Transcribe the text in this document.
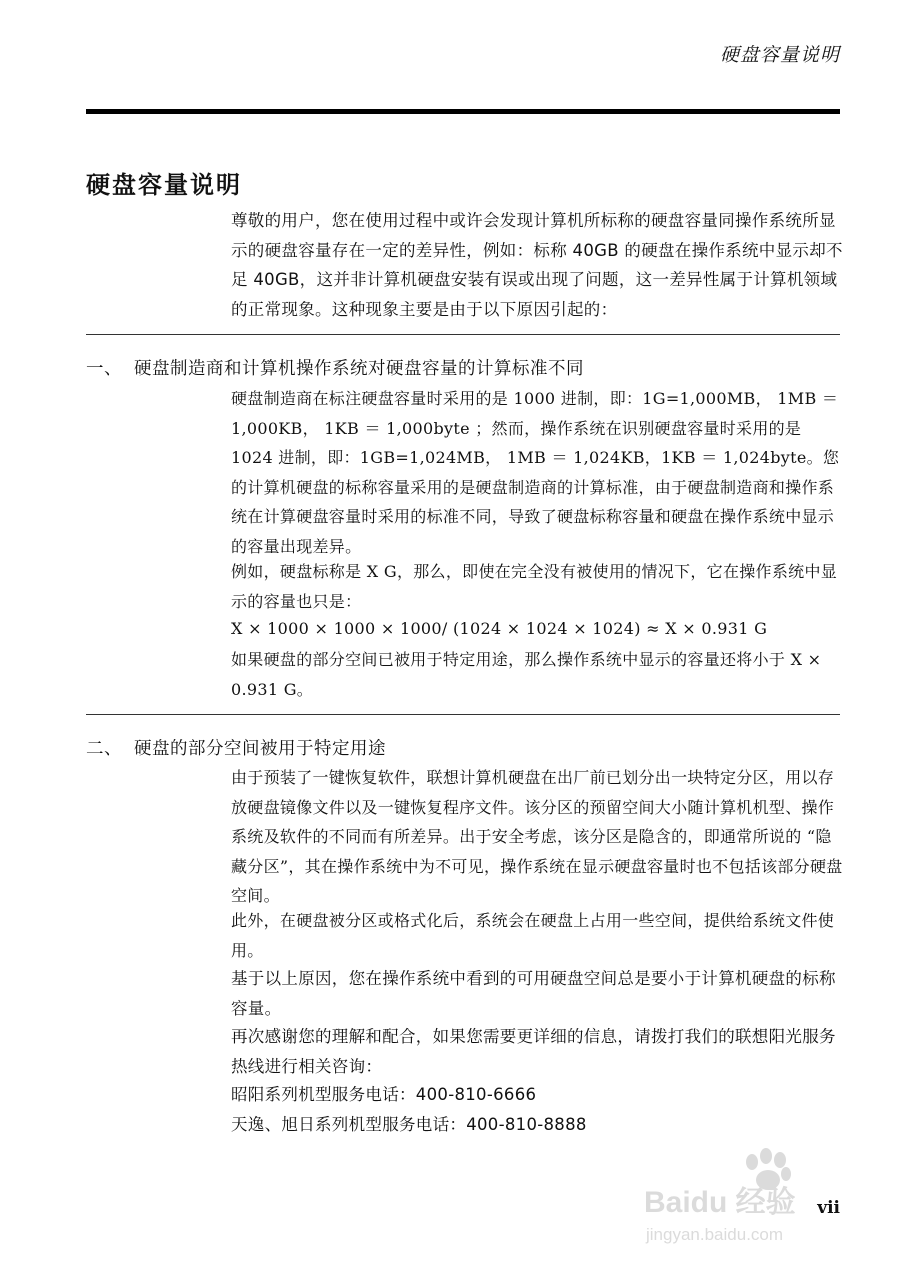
硬盘容量说明
硬盘容量说明
尊敬的用户，您在使用过程中或许会发现计算机所标称的硬盘容量同操作系统所显示的硬盘容量存在一定的差异性，例如：标称 40GB 的硬盘在操作系统中显示却不足 40GB，这并非计算机硬盘安装有误或出现了问题，这一差异性属于计算机领域的正常现象。这种现象主要是由于以下原因引起的：
一、 硬盘制造商和计算机操作系统对硬盘容量的计算标准不同
硬盘制造商在标注硬盘容量时采用的是 1000 进制，即：1G=1,000MB， 1MB ＝ 1,000KB， 1KB ＝ 1,000byte ；然而，操作系统在识别硬盘容量时采用的是 1024 进制，即：1GB=1,024MB， 1MB ＝ 1,024KB，1KB ＝ 1,024byte。您的计算机硬盘的标称容量采用的是硬盘制造商的计算标准，由于硬盘制造商和操作系统在计算硬盘容量时采用的标准不同，导致了硬盘标称容量和硬盘在操作系统中显示的容量出现差异。
例如，硬盘标称是 X G，那么，即使在完全没有被使用的情况下，它在操作系统中显示的容量也只是：
X × 1000 × 1000 × 1000/ (1024 × 1024 × 1024) ≈ X × 0.931 G
如果硬盘的部分空间已被用于特定用途，那么操作系统中显示的容量还将小于 X × 0.931 G。
二、 硬盘的部分空间被用于特定用途
由于预装了一键恢复软件，联想计算机硬盘在出厂前已划分出一块特定分区，用以存放硬盘镜像文件以及一键恢复程序文件。该分区的预留空间大小随计算机机型、操作系统及软件的不同而有所差异。出于安全考虑，该分区是隐含的，即通常所说的 “隐藏分区”，其在操作系统中为不可见，操作系统在显示硬盘容量时也不包括该部分硬盘空间。
此外，在硬盘被分区或格式化后，系统会在硬盘上占用一些空间，提供给系统文件使用。
基于以上原因，您在操作系统中看到的可用硬盘空间总是要小于计算机硬盘的标称容量。
再次感谢您的理解和配合，如果您需要更详细的信息，请拨打我们的联想阳光服务热线进行相关咨询：
昭阳系列机型服务电话：400-810-6666
天逸、旭日系列机型服务电话：400-810-8888
vii
Baidu 经验
jingyan.baidu.com
